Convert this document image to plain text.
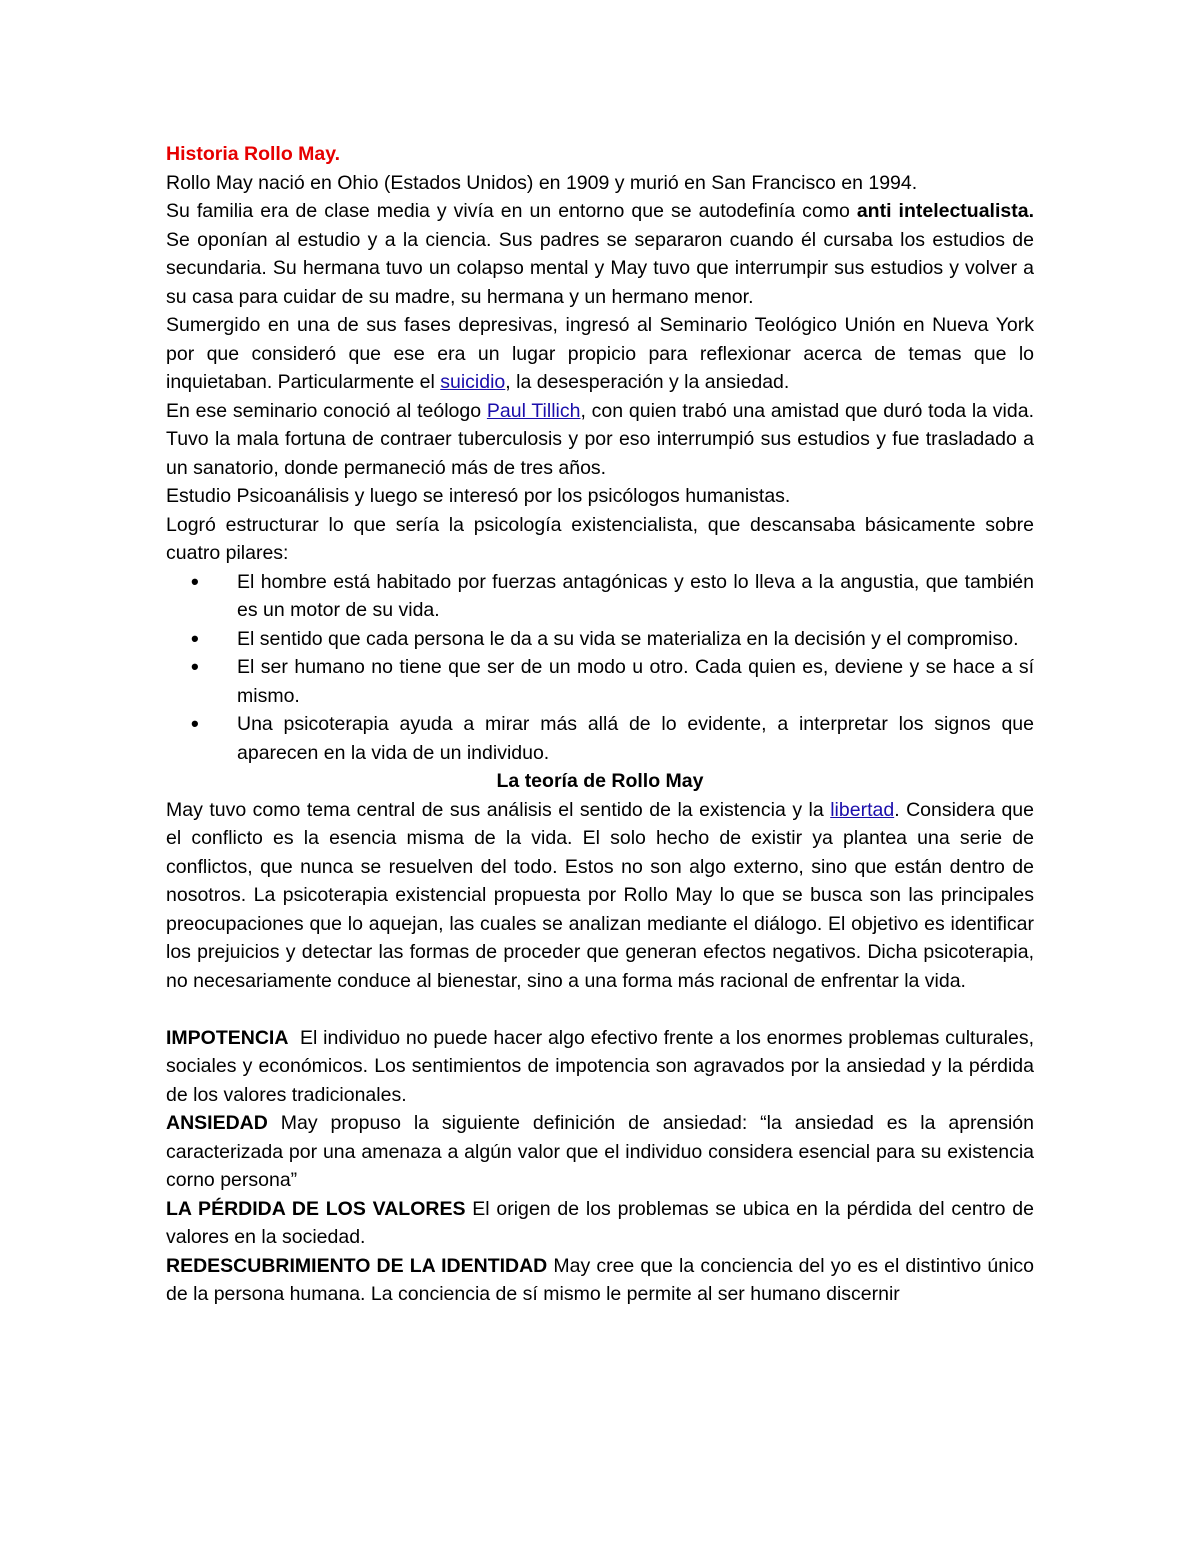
Historia Rollo May.

Rollo May nació en Ohio (Estados Unidos) en 1909 y murió en San Francisco en 1994.

Su familia era de clase media y vivía en un entorno que se autodefinía como anti intelectualista. Se oponían al estudio y a la ciencia. Sus padres se separaron cuando él cursaba los estudios de secundaria. Su hermana tuvo un colapso mental y May tuvo que interrumpir sus estudios y volver a su casa para cuidar de su madre, su hermana y un hermano menor.

Sumergido en una de sus fases depresivas, ingresó al Seminario Teológico Unión en Nueva York por que consideró que ese era un lugar propicio para reflexionar acerca de temas que lo inquietaban. Particularmente el suicidio, la desesperación y la ansiedad.

En ese seminario conoció al teólogo Paul Tillich, con quien trabó una amistad que duró toda la vida. Tuvo la mala fortuna de contraer tuberculosis y por eso interrumpió sus estudios y fue trasladado a un sanatorio, donde permaneció más de tres años.

Estudio Psicoanálisis y luego se interesó por los psicólogos humanistas.

Logró estructurar lo que sería la psicología existencialista, que descansaba básicamente sobre cuatro pilares:

• El hombre está habitado por fuerzas antagónicas y esto lo lleva a la angustia, que también es un motor de su vida.
• El sentido que cada persona le da a su vida se materializa en la decisión y el compromiso.
• El ser humano no tiene que ser de un modo u otro. Cada quien es, deviene y se hace a sí mismo.
• Una psicoterapia ayuda a mirar más allá de lo evidente, a interpretar los signos que aparecen en la vida de un individuo.

La teoría de Rollo May

May tuvo como tema central de sus análisis el sentido de la existencia y la libertad. Considera que el conflicto es la esencia misma de la vida. El solo hecho de existir ya plantea una serie de conflictos, que nunca se resuelven del todo. Estos no son algo externo, sino que están dentro de nosotros. La psicoterapia existencial propuesta por Rollo May lo que se busca son las principales preocupaciones que lo aquejan, las cuales se analizan mediante el diálogo. El objetivo es identificar los prejuicios y detectar las formas de proceder que generan efectos negativos. Dicha psicoterapia, no necesariamente conduce al bienestar, sino a una forma más racional de enfrentar la vida.

IMPOTENCIA  El individuo no puede hacer algo efectivo frente a los enormes problemas culturales, sociales y económicos. Los sentimientos de impotencia son agravados por la ansiedad y la pérdida de los valores tradicionales.

ANSIEDAD May propuso la siguiente definición de ansiedad: “la ansiedad es la aprensión caracterizada por una amenaza a algún valor que el individuo considera esencial para su existencia corno persona”

LA PÉRDIDA DE LOS VALORES El origen de los problemas se ubica en la pérdida del centro de valores en la sociedad.

REDESCUBRIMIENTO DE LA IDENTIDAD May cree que la conciencia del yo es el distintivo único de la persona humana. La conciencia de sí mismo le permite al ser humano discernir
